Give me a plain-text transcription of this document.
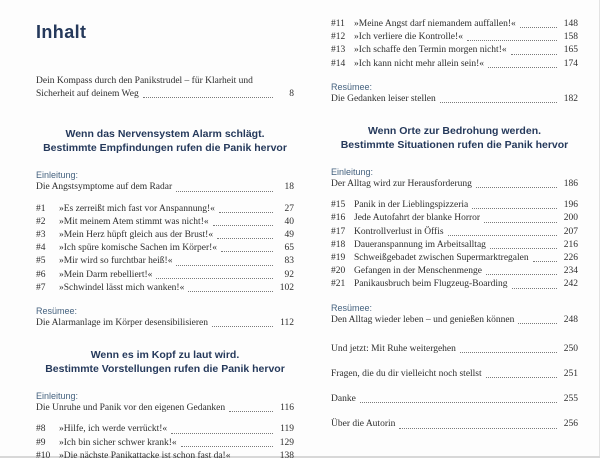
Inhalt
Dein Kompass durch den Panikstrudel – für Klarheit und
Sicherheit auf deinem Weg	8
Wenn das Nervensystem Alarm schlägt.
Bestimmte Empfindungen rufen die Panik hervor
Einleitung:
Die Angstsymptome auf dem Radar	18
#1	»Es zerreißt mich fast vor Anspannung!«	27
#2	»Mit meinem Atem stimmt was nicht!«	40
#3	»Mein Herz hüpft gleich aus der Brust!«	49
#4	»Ich spüre komische Sachen im Körper!«	65
#5	»Mir wird so furchtbar heiß!«	83
#6	»Mein Darm rebelliert!«	92
#7	»Schwindel lässt mich wanken!«	102
Resümee:
Die Alarmanlage im Körper desensibilisieren	112
Wenn es im Kopf zu laut wird.
Bestimmte Vorstellungen rufen die Panik hervor
Einleitung:
Die Unruhe und Panik vor den eigenen Gedanken	116
#8	»Hilfe, ich werde verrückt!«	119
#9	»Ich bin sicher schwer krank!«	129
#10 »Die nächste Panikattacke ist schon fast da!«	138
#11 »Meine Angst darf niemandem auffallen!«	148
#12 »Ich verliere die Kontrolle!«	158
#13 »Ich schaffe den Termin morgen nicht!«	165
#14 »Ich kann nicht mehr allein sein!«	174
Resümee:
Die Gedanken leiser stellen	182
Wenn Orte zur Bedrohung werden.
Bestimmte Situationen rufen die Panik hervor
Einleitung:
Der Alltag wird zur Herausforderung	186
#15 Panik in der Lieblingspizzeria	196
#16 Jede Autofahrt der blanke Horror	200
#17 Kontrollverlust in Öffis	207
#18 Daueranspannung im Arbeitsalltag	216
#19 Schweißgebadet zwischen Supermarktregalen	226
#20 Gefangen in der Menschenmenge	234
#21 Panikausbruch beim Flugzeug-Boarding	242
Resümee:
Den Alltag wieder leben – und genießen können	248
Und jetzt: Mit Ruhe weitergehen	250
Fragen, die du dir vielleicht noch stellst	251
Danke	255
Über die Autorin	256
